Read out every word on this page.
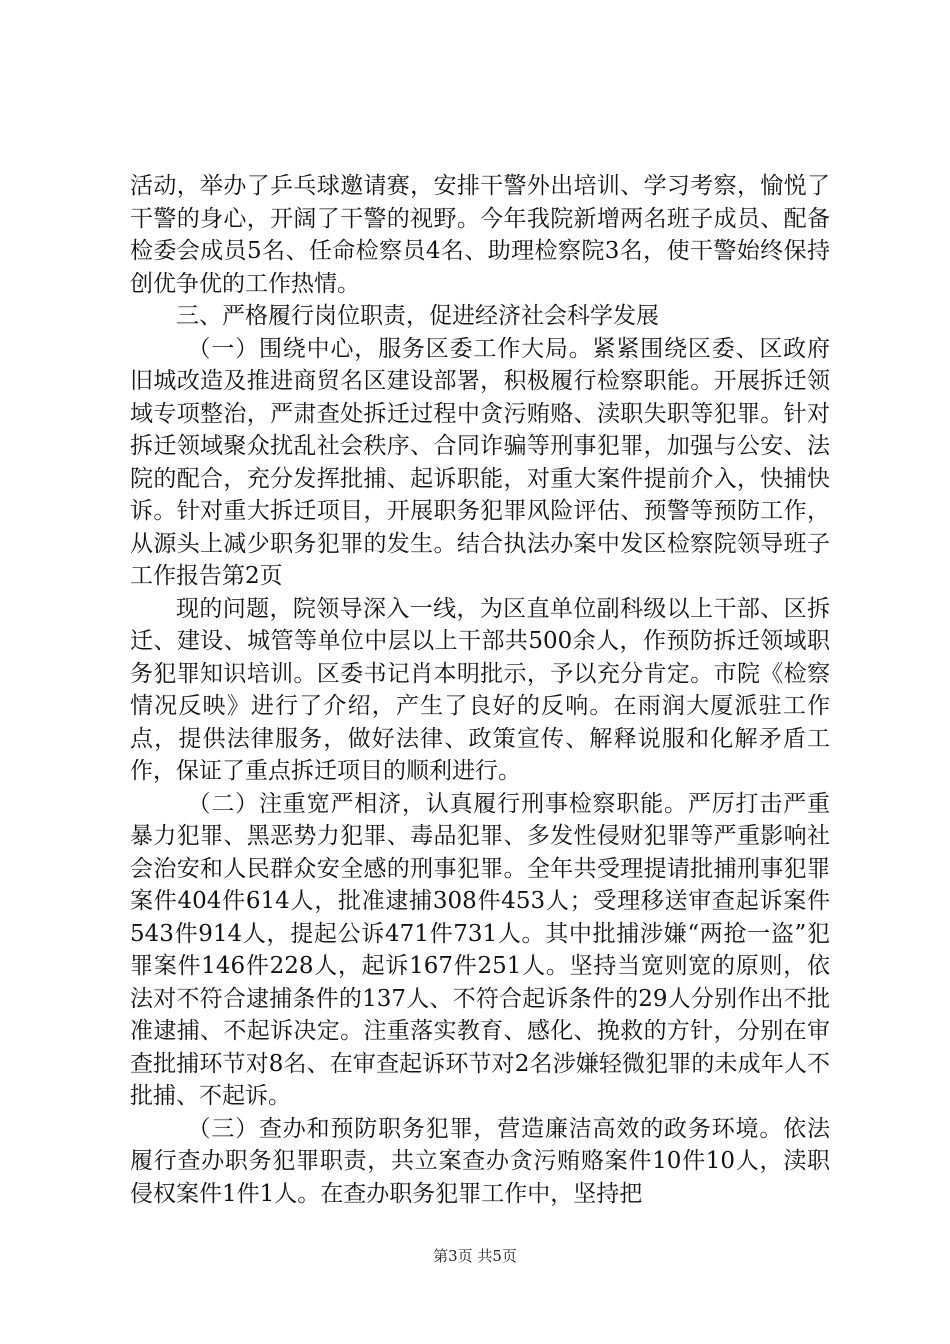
活动，举办了乒乓球邀请赛，安排干警外出培训、学习考察，愉悦了干警的身心，开阔了干警的视野。今年我院新增两名班子成员、配备检委会成员5名、任命检察员4名、助理检察院3名，使干警始终保持创优争优的工作热情。

三、严格履行岗位职责，促进经济社会科学发展

（一）围绕中心，服务区委工作大局。紧紧围绕区委、区政府旧城改造及推进商贸名区建设部署，积极履行检察职能。开展拆迁领域专项整治，严肃查处拆迁过程中贪污贿赂、渎职失职等犯罪。针对拆迁领域聚众扰乱社会秩序、合同诈骗等刑事犯罪，加强与公安、法院的配合，充分发挥批捕、起诉职能，对重大案件提前介入，快捕快诉。针对重大拆迁项目，开展职务犯罪风险评估、预警等预防工作，从源头上减少职务犯罪的发生。结合执法办案中发区检察院领导班子工作报告第2页

现的问题，院领导深入一线，为区直单位副科级以上干部、区拆迁、建设、城管等单位中层以上干部共500余人，作预防拆迁领域职务犯罪知识培训。区委书记肖本明批示，予以充分肯定。市院《检察情况反映》进行了介绍，产生了良好的反响。在雨润大厦派驻工作点，提供法律服务，做好法律、政策宣传、解释说服和化解矛盾工作，保证了重点拆迁项目的顺利进行。

（二）注重宽严相济，认真履行刑事检察职能。严厉打击严重暴力犯罪、黑恶势力犯罪、毒品犯罪、多发性侵财犯罪等严重影响社会治安和人民群众安全感的刑事犯罪。全年共受理提请批捕刑事犯罪案件404件614人，批准逮捕308件453人；受理移送审查起诉案件543件914人，提起公诉471件731人。其中批捕涉嫌“两抢一盗”犯罪案件146件228人，起诉167件251人。坚持当宽则宽的原则，依法对不符合逮捕条件的137人、不符合起诉条件的29人分别作出不批准逮捕、不起诉决定。注重落实教育、感化、挽救的方针，分别在审查批捕环节对8名、在审查起诉环节对2名涉嫌轻微犯罪的未成年人不批捕、不起诉。

（三）查办和预防职务犯罪，营造廉洁高效的政务环境。依法履行查办职务犯罪职责，共立案查办贪污贿赂案件10件10人，渎职侵权案件1件1人。在查办职务犯罪工作中，坚持把

第3页 共5页
